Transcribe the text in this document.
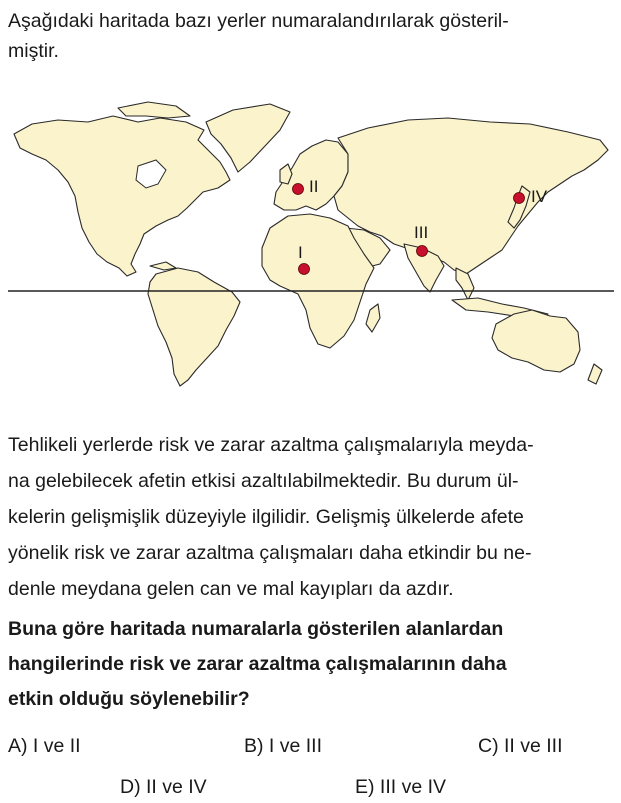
Aşağıdaki haritada bazı yerler numaralandırılarak gösteril-
miştir.

I
II
III
IV

Tehlikeli yerlerde risk ve zarar azaltma çalışmalarıyla meyda-
na gelebilecek afetin etkisi azaltılabilmektedir. Bu durum ül-
kelerin gelişmişlik düzeyiyle ilgilidir. Gelişmiş ülkelerde afete
yönelik risk ve zarar azaltma çalışmaları daha etkindir bu ne-
denle meydana gelen can ve mal kayıpları da azdır.

Buna göre haritada numaralarla gösterilen alanlardan
hangilerinde risk ve zarar azaltma çalışmalarının daha
etkin olduğu söylenebilir?

A) I ve II	B) I ve III	C) II ve III
D) II ve IV	E) III ve IV
